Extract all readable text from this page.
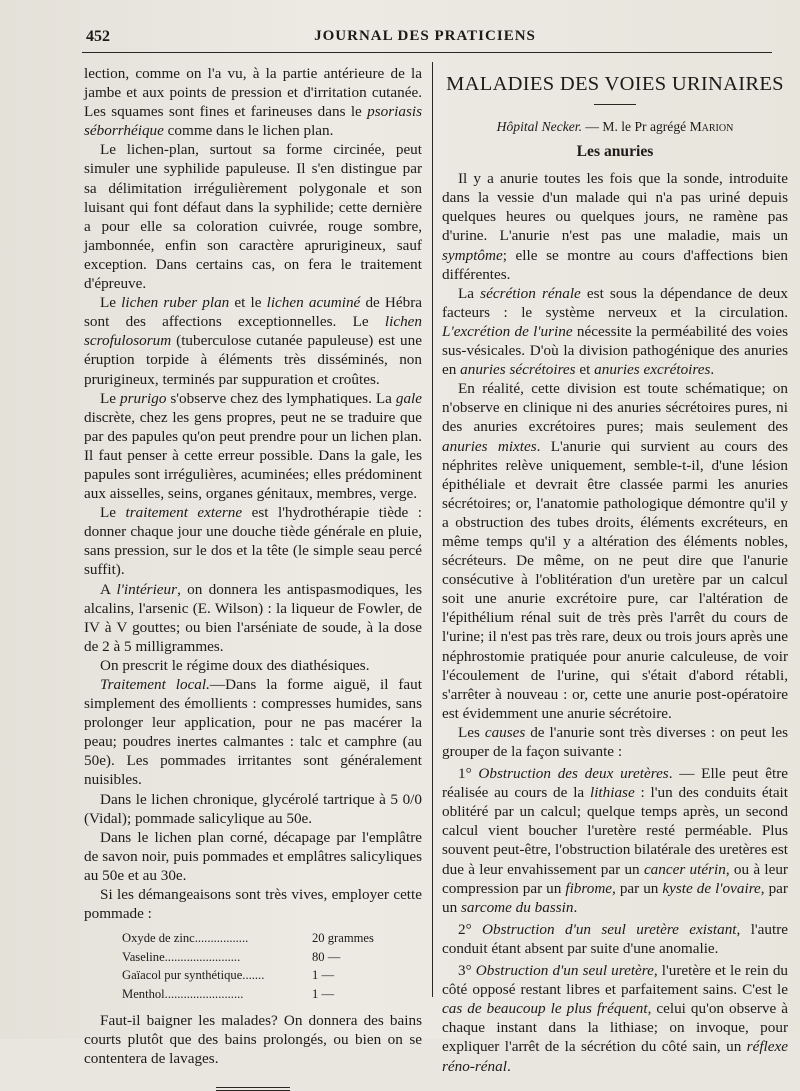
452	JOURNAL DES PRATICIENS

lection, comme on l'a vu, à la partie antérieure de la jambe et aux points de pression et d'irritation cutanée. Les squames sont fines et farineuses dans le psoriasis séborrhéique comme dans le lichen plan.

Le lichen-plan, surtout sa forme circinée, peut simuler une syphilide papuleuse. Il s'en distingue par sa délimitation irrégulièrement polygonale et son luisant qui font défaut dans la syphilide; cette dernière a pour elle sa coloration cuivrée, rouge sombre, jambonnée, enfin son caractère aprurigineux, sauf exception. Dans certains cas, on fera le traitement d'épreuve.

Le lichen ruber plan et le lichen acuminé de Hébra sont des affections exceptionnelles. Le lichen scrofulosorum (tuberculose cutanée papuleuse) est une éruption torpide à éléments très disséminés, non prurigineux, terminés par suppuration et croûtes.

Le prurigo s'observe chez des lymphatiques. La gale discrète, chez les gens propres, peut ne se traduire que par des papules qu'on peut prendre pour un lichen plan. Il faut penser à cette erreur possible. Dans la gale, les papules sont irrégulières, acuminées; elles prédominent aux aisselles, seins, organes génitaux, membres, verge.

Le traitement externe est l'hydrothérapie tiède : donner chaque jour une douche tiède générale en pluie, sans pression, sur le dos et la tête (le simple seau percé suffit).

A l'intérieur, on donnera les antispasmodiques, les alcalins, l'arsenic (E. Wilson) : la liqueur de Fowler, de IV à V gouttes; ou bien l'arséniate de soude, à la dose de 2 à 5 milligrammes.

On prescrit le régime doux des diathésiques.

Traitement local.—Dans la forme aiguë, il faut simplement des émollients : compresses humides, sans prolonger leur application, pour ne pas macérer la peau; poudres inertes calmantes : talc et camphre (au 50e). Les pommades irritantes sont généralement nuisibles.

Dans le lichen chronique, glycérolé tartrique à 5 0/0 (Vidal); pommade salicylique au 50e.

Dans le lichen plan corné, décapage par l'emplâtre de savon noir, puis pommades et emplâtres salicyliques au 50e et au 30e.

Si les démangeaisons sont très vives, employer cette pommade :

Oxyde de zinc.................	20 grammes
Vaseline........................	80 —
Gaïacol pur synthétique.......	1 —
Menthol.........................	1 —

Faut-il baigner les malades? On donnera des bains courts plutôt que des bains prolongés, ou bien on se contentera de lavages.

MALADIES DES VOIES URINAIRES
Hôpital Necker. — M. le Pr agrégé Marion
Les anuries

Il y a anurie toutes les fois que la sonde, introduite dans la vessie d'un malade qui n'a pas uriné depuis quelques heures ou quelques jours, ne ramène pas d'urine. L'anurie n'est pas une maladie, mais un symptôme; elle se montre au cours d'affections bien différentes.

La sécrétion rénale est sous la dépendance de deux facteurs : le système nerveux et la circulation. L'excrétion de l'urine nécessite la perméabilité des voies sus-vésicales. D'où la division pathogénique des anuries en anuries sécrétoires et anuries excrétoires.

En réalité, cette division est toute schématique; on n'observe en clinique ni des anuries sécrétoires pures, ni des anuries excrétoires pures; mais seulement des anuries mixtes. L'anurie qui survient au cours des néphrites relève uniquement, semble-t-il, d'une lésion épithéliale et devrait être classée parmi les anuries sécrétoires; or, l'anatomie pathologique démontre qu'il y a obstruction des tubes droits, éléments excréteurs, en même temps qu'il y a altération des éléments nobles, sécréteurs. De même, on ne peut dire que l'anurie consécutive à l'oblitération d'un uretère par un calcul soit une anurie excrétoire pure, car l'altération de l'épithélium rénal suit de très près l'arrêt du cours de l'urine; il n'est pas très rare, deux ou trois jours après une néphrostomie pratiquée pour anurie calculeuse, de voir l'écoulement de l'urine, qui s'était d'abord rétabli, s'arrêter à nouveau : or, cette une anurie post-opératoire est évidemment une anurie sécrétoire.

Les causes de l'anurie sont très diverses : on peut les grouper de la façon suivante :

1° Obstruction des deux uretères. — Elle peut être réalisée au cours de la lithiase : l'un des conduits était oblitéré par un calcul; quelque temps après, un second calcul vient boucher l'uretère resté perméable. Plus souvent peut-être, l'obstruction bilatérale des uretères est due à leur envahissement par un cancer utérin, ou à leur compression par un fibrome, par un kyste de l'ovaire, par un sarcome du bassin.

2° Obstruction d'un seul uretère existant, l'autre conduit étant absent par suite d'une anomalie.

3° Obstruction d'un seul uretère, l'uretère et le rein du côté opposé restant libres et parfaitement sains. C'est le cas de beaucoup le plus fréquent, celui qu'on observe à chaque instant dans la lithiase; on invoque, pour expliquer l'arrêt de la sécrétion du côté sain, un réflexe réno-rénal.
